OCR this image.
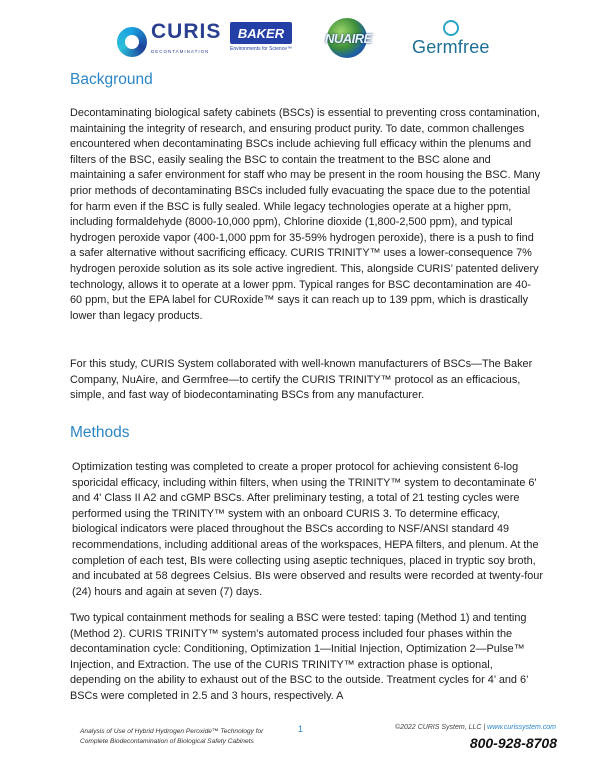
CURIS
DECONTAMINATION
BAKER
Environments for Science™
NUAIRE Germfree
Background

Decontaminating biological safety cabinets (BSCs) is essential to preventing cross contamination, maintaining the integrity of research, and ensuring product purity. To date, common challenges encountered when decontaminating BSCs include achieving full efficacy within the plenums and filters of the BSC, easily sealing the BSC to contain the treatment to the BSC alone and maintaining a safer environment for staff who may be present in the room housing the BSC. Many prior methods of decontaminating BSCs included fully evacuating the space due to the potential for harm even if the BSC is fully sealed. While legacy technologies operate at a higher ppm, including formaldehyde (8000-10,000 ppm), Chlorine dioxide (1,800-2,500 ppm), and typical hydrogen peroxide vapor (400-1,000 ppm for 35-59% hydrogen peroxide), there is a push to find a safer alternative without sacrificing efficacy. CURIS TRINITY™ uses a lower-consequence 7% hydrogen peroxide solution as its sole active ingredient. This, alongside CURIS’ patented delivery technology, allows it to operate at a lower ppm. Typical ranges for BSC decontamination are 40-60 ppm, but the EPA label for CURoxide™ says it can reach up to 139 ppm, which is drastically lower than legacy products.

For this study, CURIS System collaborated with well-known manufacturers of BSCs—The Baker Company, NuAire, and Germfree—to certify the CURIS TRINITY™ protocol as an efficacious, simple, and fast way of biodecontaminating BSCs from any manufacturer.

Methods

Optimization testing was completed to create a proper protocol for achieving consistent 6-log sporicidal efficacy, including within filters, when using the TRINITY™ system to decontaminate 6' and 4' Class II A2 and cGMP BSCs. After preliminary testing, a total of 21 testing cycles were performed using the TRINITY™ system with an onboard CURIS 3. To determine efficacy, biological indicators were placed throughout the BSCs according to NSF/ANSI standard 49 recommendations, including additional areas of the workspaces, HEPA filters, and plenum. At the completion of each test, BIs were collecting using aseptic techniques, placed in tryptic soy broth, and incubated at 58 degrees Celsius. BIs were observed and results were recorded at twenty-four (24) hours and again at seven (7) days.

Two typical containment methods for sealing a BSC were tested: taping (Method 1) and tenting (Method 2). CURIS TRINITY™ system’s automated process included four phases within the decontamination cycle: Conditioning, Optimization 1—Initial Injection, Optimization 2—Pulse™ Injection, and Extraction. The use of the CURIS TRINITY™ extraction phase is optional, depending on the ability to exhaust out of the BSC to the outside. Treatment cycles for 4’ and 6’ BSCs were completed in 2.5 and 3 hours, respectively. A

Analysis of Use of Hybrid Hydrogen Peroxide™ Technology for
Complete Biodecontamination of Biological Safety Cabinets
1	©2022 CURIS System, LLC | www.curissystem.com
800-928-8708
